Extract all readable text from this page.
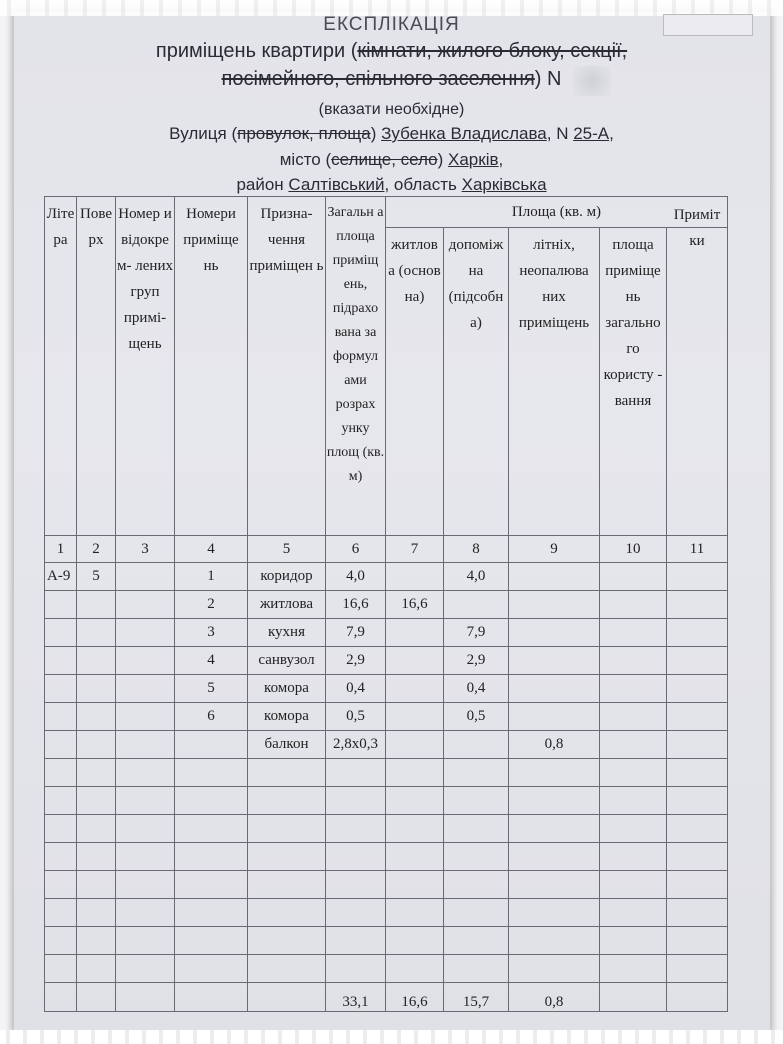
ЕКСПЛІКАЦІЯ
приміщень квартири (кімнати, жилого блоку, секції,
посімейного, спільного заселення) N
(вказати необхідне)
Вулиця (провулок, площа) Зубенка Владислава, N 25-А,
місто (селище, село) Харків,
район Салтівський, область Харківська
Літе ра	Пове рх	Номер и відокре м- лених груп примі- щень	Номери приміще нь	Призна- чення приміщен ь	Загальн а площа приміщ ень, підрахо вана за формул ами розрах унку площ (кв. м)	Площа (кв. м)				
						житлов а (основ на)	допоміж на (підсобн а)	літніх, неопалюва них приміщень	площа приміще нь загально го користу - вання	Приміт ки
1	2	3	4	5	6	7	8	9	10	11
А-9	5		1	коридор	4,0		4,0			
			2	житлова	16,6	16,6				
			3	кухня	7,9		7,9			
			4	санвузол	2,9		2,9			
			5	комора	0,4		0,4			
			6	комора	0,5		0,5			
				балкон	2,8х0,3			0,8		

					33,1	16,6	15,7	0,8		
